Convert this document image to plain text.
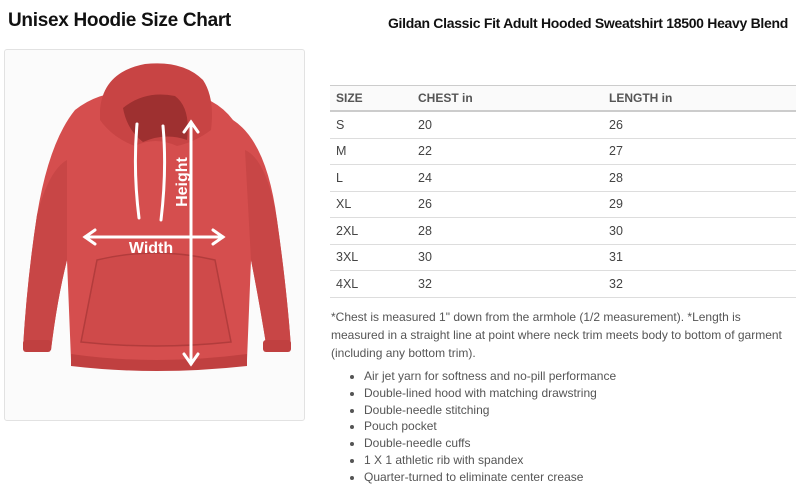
Unisex Hoodie Size Chart	Gildan Classic Fit Adult Hooded Sweatshirt 18500 Heavy Blend
Width
Height
SIZE	CHEST in	LENGTH in
S	20	26
M	22	27
L	24	28
XL	26	29
2XL	28	30
3XL	30	31
4XL	32	32
*Chest is measured 1" down from the armhole (1/2 measurement). *Length is measured in a straight line at point where neck trim meets body to bottom of garment (including any bottom trim).
• Air jet yarn for softness and no-pill performance
• Double-lined hood with matching drawstring
• Double-needle stitching
• Pouch pocket
• Double-needle cuffs
• 1 X 1 athletic rib with spandex
• Quarter-turned to eliminate center crease
